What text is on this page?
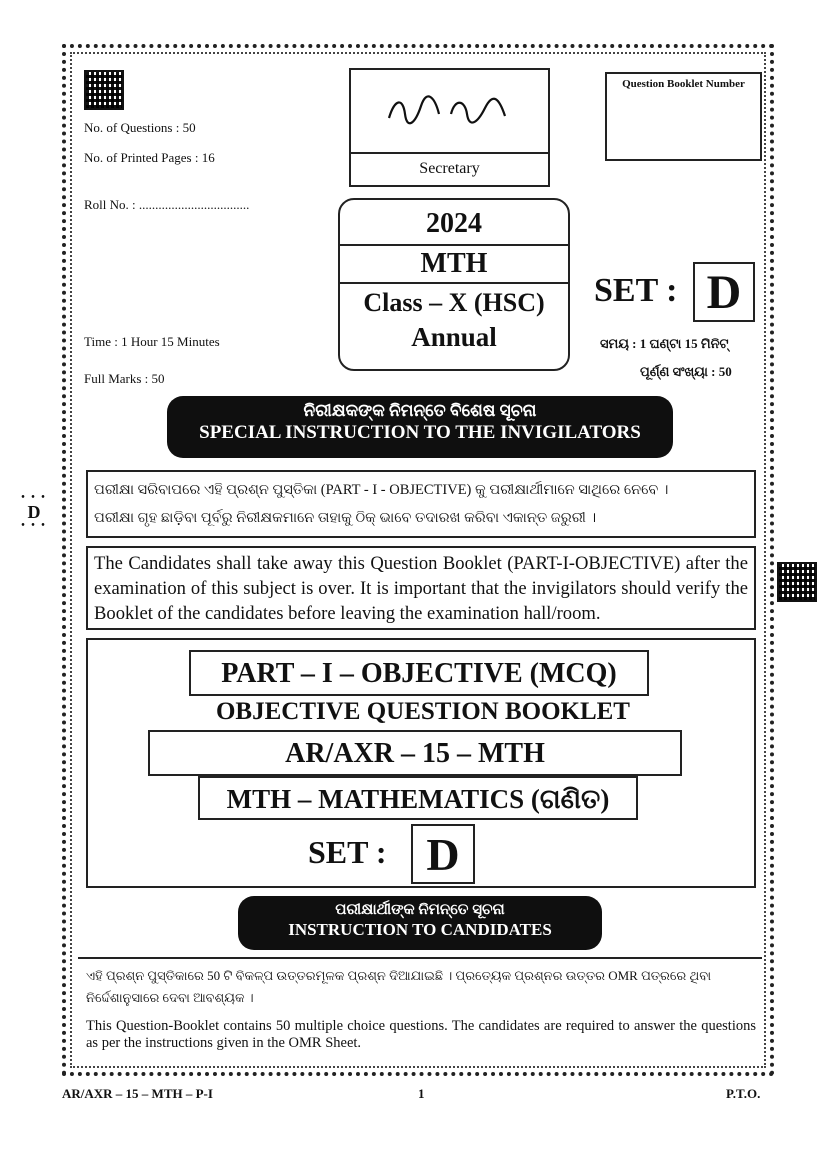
• • •
D
• • •
No. of Questions : 50
No. of Printed Pages : 16
Roll No. : ..................................
Secretary
Question Booklet Number
2024
MTH
Class – X (HSC)
Annual
SET : D
Time : 1 Hour 15 Minutes
Full Marks : 50
ସମୟ : 1 ଘଣ୍ଟା 15 ମିନିଟ୍
ପୂର୍ଣ୍ଣ ସଂଖ୍ୟା : 50
ନିରୀକ୍ଷକଙ୍କ ନିମନ୍ତେ ବିଶେଷ ସୂଚନା
SPECIAL INSTRUCTION TO THE INVIGILATORS
ପରୀକ୍ଷା ସରିବାପରେ ଏହି ପ୍ରଶ୍ନ ପୁସ୍ତିକା (PART - I - OBJECTIVE) କୁ ପରୀକ୍ଷାର୍ଥୀମାନେ ସାଥିରେ ନେବେ ।
ପରୀକ୍ଷା ଗୃହ ଛାଡ଼ିବା ପୂର୍ବରୁ ନିରୀକ୍ଷକମାନେ ତାହାକୁ ଠିକ୍ ଭାବେ ତଦାରଖ କରିବା ଏକାନ୍ତ ଜରୁରୀ ।
The Candidates shall take away this Question Booklet (PART-I-OBJECTIVE) after the examination of this subject is over. It is important that the invigilators should verify the Booklet of the candidates before leaving the examination hall/room.
PART – I – OBJECTIVE (MCQ)
OBJECTIVE QUESTION BOOKLET
AR/AXR – 15 – MTH
MTH – MATHEMATICS (ଗଣିତ)
SET : D
ପରୀକ୍ଷାର୍ଥୀଙ୍କ ନିମନ୍ତେ ସୂଚନା
INSTRUCTION TO CANDIDATES
ଏହି ପ୍ରଶ୍ନ ପୁସ୍ତିକାରେ 50 ଟି ବିକଳ୍ପ ଉତ୍ତରମୂଳକ ପ୍ରଶ୍ନ ଦିଆଯାଇଛି । ପ୍ରତ୍ୟେକ ପ୍ରଶ୍ନର ଉତ୍ତର OMR ପତ୍ରରେ ଥିବା ନିର୍ଦ୍ଦେଶାନୁସାରେ ଦେବା ଆବଶ୍ୟକ ।
This Question-Booklet contains 50 multiple choice questions. The candidates are required to answer the questions as per the instructions given in the OMR Sheet.
AR/AXR – 15 – MTH – P-I	1	P.T.O.
